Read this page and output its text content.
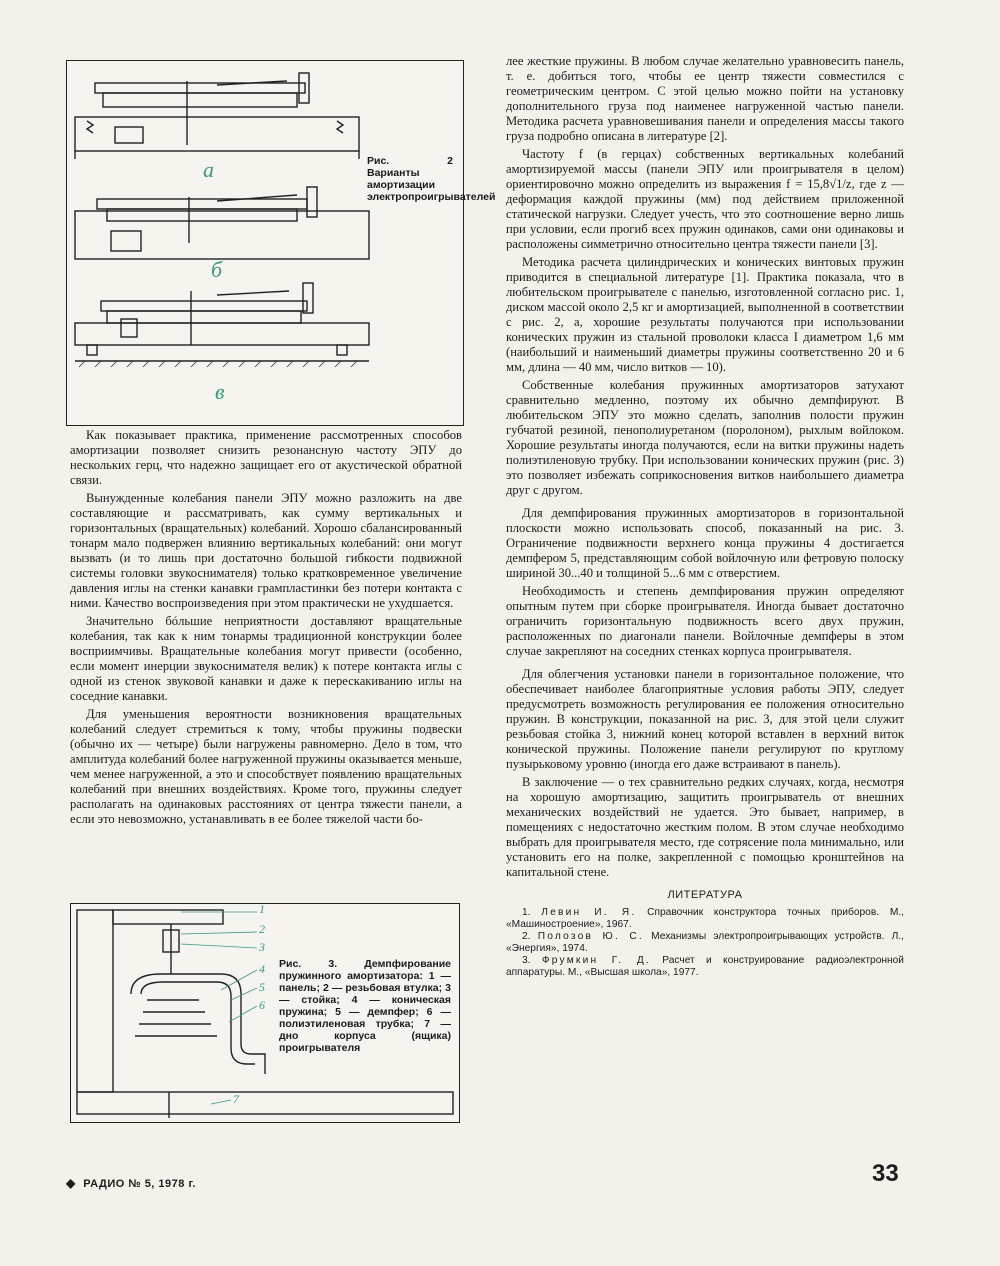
а
б
в
Рис. 2 Варианты амортизации электропроигрывателей

Как показывает практика, применение рассмотренных способов амортизации позволяет снизить резонансную частоту ЭПУ до нескольких герц, что надежно защищает его от акустической обратной связи.

Вынужденные колебания панели ЭПУ можно разложить на две составляющие и рассматривать, как сумму вертикальных и горизонтальных (вращательных) колебаний. Хорошо сбалансированный тонарм мало подвержен влиянию вертикальных колебаний: они могут вызвать (и то лишь при достаточно большой гибкости подвижной системы головки звукоснимателя) только кратковременное увеличение давления иглы на стенки канавки грампластинки без потери контакта с ними. Качество воспроизведения при этом практически не ухудшается.

Значительно бóльшие неприятности доставляют вращательные колебания, так как к ним тонармы традиционной конструкции более восприимчивы. Вращательные колебания могут привести (особенно, если момент инерции звукоснимателя велик) к потере контакта иглы с одной из стенок звуковой канавки и даже к перескакиванию иглы на соседние канавки.

Для уменьшения вероятности возникновения вращательных колебаний следует стремиться к тому, чтобы пружины подвески (обычно их — четыре) были нагружены равномерно. Дело в том, что амплитуда колебаний более нагруженной пружины оказывается меньше, чем менее нагруженной, а это и способствует появлению вращательных колебаний при внешних воздействиях. Кроме того, пружины следует располагать на одинаковых расстояниях от центра тяжести панели, а если это невозможно, устанавливать в ее более тяжелой части бо-

1
2
3
4
5
6
7
Рис. 3. Демпфирование пружинного амортизатора: 1 — панель; 2 — резьбовая втулка; 3 — стойка; 4 — коническая пружина; 5 — демпфер; 6 — полиэтиленовая трубка; 7 — дно корпуса (ящика) проигрывателя

лее жесткие пружины. В любом случае желательно уравновесить панель, т. е. добиться того, чтобы ее центр тяжести совместился с геометрическим центром. С этой целью можно пойти на установку дополнительного груза под наименее нагруженной частью панели. Методика расчета уравновешивания панели и определения массы такого груза подробно описана в литературе [2].

Частоту f (в герцах) собственных вертикальных колебаний амортизируемой массы (панели ЭПУ или проигрывателя в целом) ориентировочно можно определить из выражения f = 15,8√1/z, где z — деформация каждой пружины (мм) под действием приложенной статической нагрузки. Следует учесть, что это соотношение верно лишь при условии, если прогиб всех пружин одинаков, сами они одинаковы и расположены симметрично относительно центра тяжести панели [3].

Методика расчета цилиндрических и конических винтовых пружин приводится в специальной литературе [1]. Практика показала, что в любительском проигрывателе с панелью, изготовленной согласно рис. 1, диском массой около 2,5 кг и амортизацией, выполненной в соответствии с рис. 2, а, хорошие результаты получаются при использовании конических пружин из стальной проволоки класса I диаметром 1,6 мм (наибольший и наименьший диаметры пружины соответственно 20 и 6 мм, длина — 40 мм, число витков — 10).

Собственные колебания пружинных амортизаторов затухают сравнительно медленно, поэтому их обычно демпфируют. В любительском ЭПУ это можно сделать, заполнив полости пружин губчатой резиной, пенополиуретаном (поролоном), рыхлым войлоком. Хорошие результаты иногда получаются, если на витки пружины надеть полиэтиленовую трубку. При использовании конических пружин (рис. 3) это позволяет избежать соприкосновения витков наибольшего диаметра друг с другом.

Для демпфирования пружинных амортизаторов в горизонтальной плоскости можно использовать способ, показанный на рис. 3. Ограничение подвижности верхнего конца пружины 4 достигается демпфером 5, представляющим собой войлочную или фетровую полоску шириной 30...40 и толщиной 5...6 мм с отверстием.

Необходимость и степень демпфирования пружин определяют опытным путем при сборке проигрывателя. Иногда бывает достаточно ограничить горизонтальную подвижность всего двух пружин, расположенных по диагонали панели. Войлочные демпферы в этом случае закрепляют на соседних стенках корпуса проигрывателя.

Для облегчения установки панели в горизонтальное положение, что обеспечивает наиболее благоприятные условия работы ЭПУ, следует предусмотреть возможность регулирования ее положения относительно пружин. В конструкции, показанной на рис. 3, для этой цели служит резьбовая стойка 3, нижний конец которой вставлен в верхний виток конической пружины. Положение панели регулируют по круглому пузырьковому уровню (иногда его даже встраивают в панель).

В заключение — о тех сравнительно редких случаях, когда, несмотря на хорошую амортизацию, защитить проигрыватель от внешних механических воздействий не удается. Это бывает, например, в помещениях с недостаточно жестким полом. В этом случае необходимо выбрать для проигрывателя место, где сотрясение пола минимально, или установить его на полке, закрепленной с помощью кронштейнов на капитальной стене.

ЛИТЕРАТУРА
1. Левин И. Я. Справочник конструктора точных приборов. М., «Машиностроение», 1967.
2. Полозов Ю. С. Механизмы электропроигрывающих устройств. Л., «Энергия», 1974.
3. Фрумкин Г. Д. Расчет и конструирование радиоэлектронной аппаратуры. М., «Высшая школа», 1977.
◆ РАДИО № 5, 1978 г.	33
